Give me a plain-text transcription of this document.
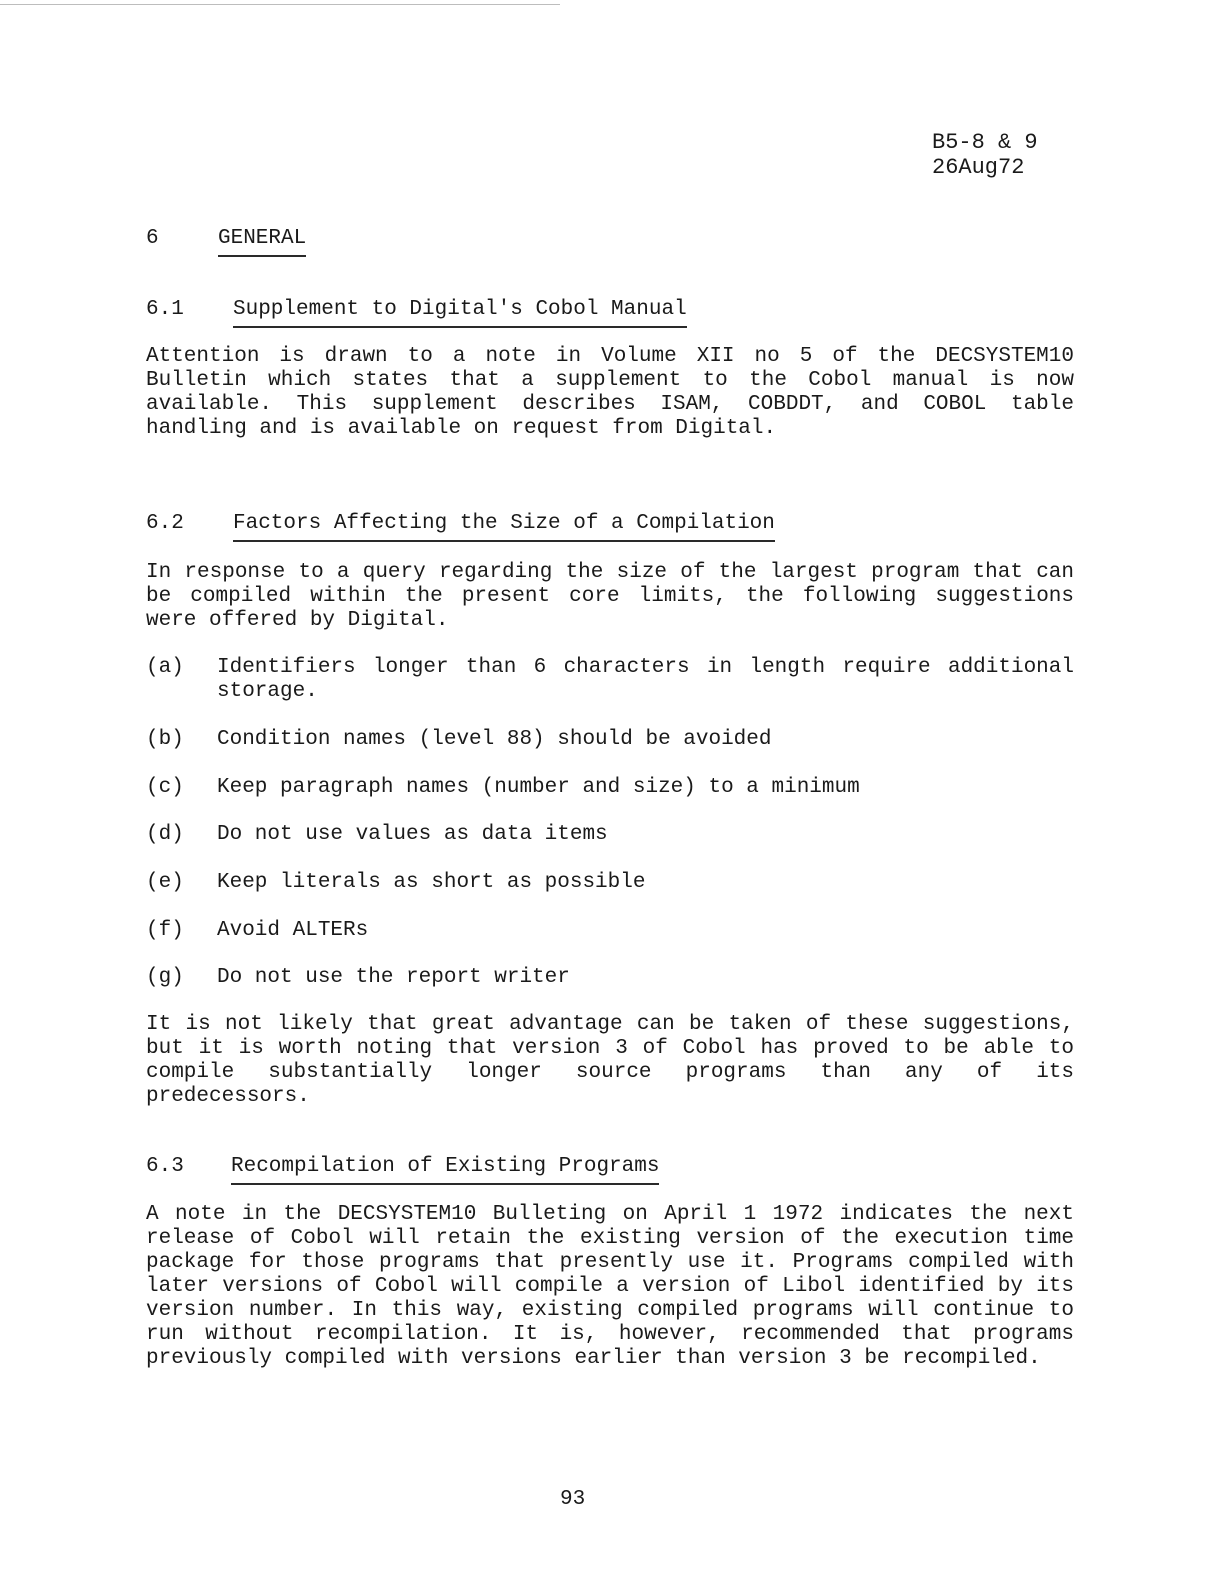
B5-8 & 9
26Aug72
6	GENERAL
6.1 Supplement to Digital's Cobol Manual

Attention is drawn to a note in Volume XII no 5 of the DECSYSTEM10 Bulletin which states that a supplement to the Cobol manual is now available. This supplement describes ISAM, COBDDT, and COBOL table handling and is available on request from Digital.

6.2 Factors Affecting the Size of a Compilation

In response to a query regarding the size of the largest program that can be compiled within the present core limits, the following suggestions were offered by Digital.

(a) Identifiers longer than 6 characters in length require additional storage.
(b) Condition names (level 88) should be avoided
(c) Keep paragraph names (number and size) to a minimum
(d) Do not use values as data items
(e) Keep literals as short as possible
(f) Avoid ALTERs
(g) Do not use the report writer

It is not likely that great advantage can be taken of these suggestions, but it is worth noting that version 3 of Cobol has proved to be able to compile substantially longer source programs than any of its predecessors.

6.3 Recompilation of Existing Programs

A note in the DECSYSTEM10 Bulleting on April 1 1972 indicates the next release of Cobol will retain the existing version of the execution time package for those programs that presently use it. Programs compiled with later versions of Cobol will compile a version of Libol identified by its version number. In this way, existing compiled programs will continue to run without recompilation. It is, however, recommended that programs previously compiled with versions earlier than version 3 be recompiled.

93
